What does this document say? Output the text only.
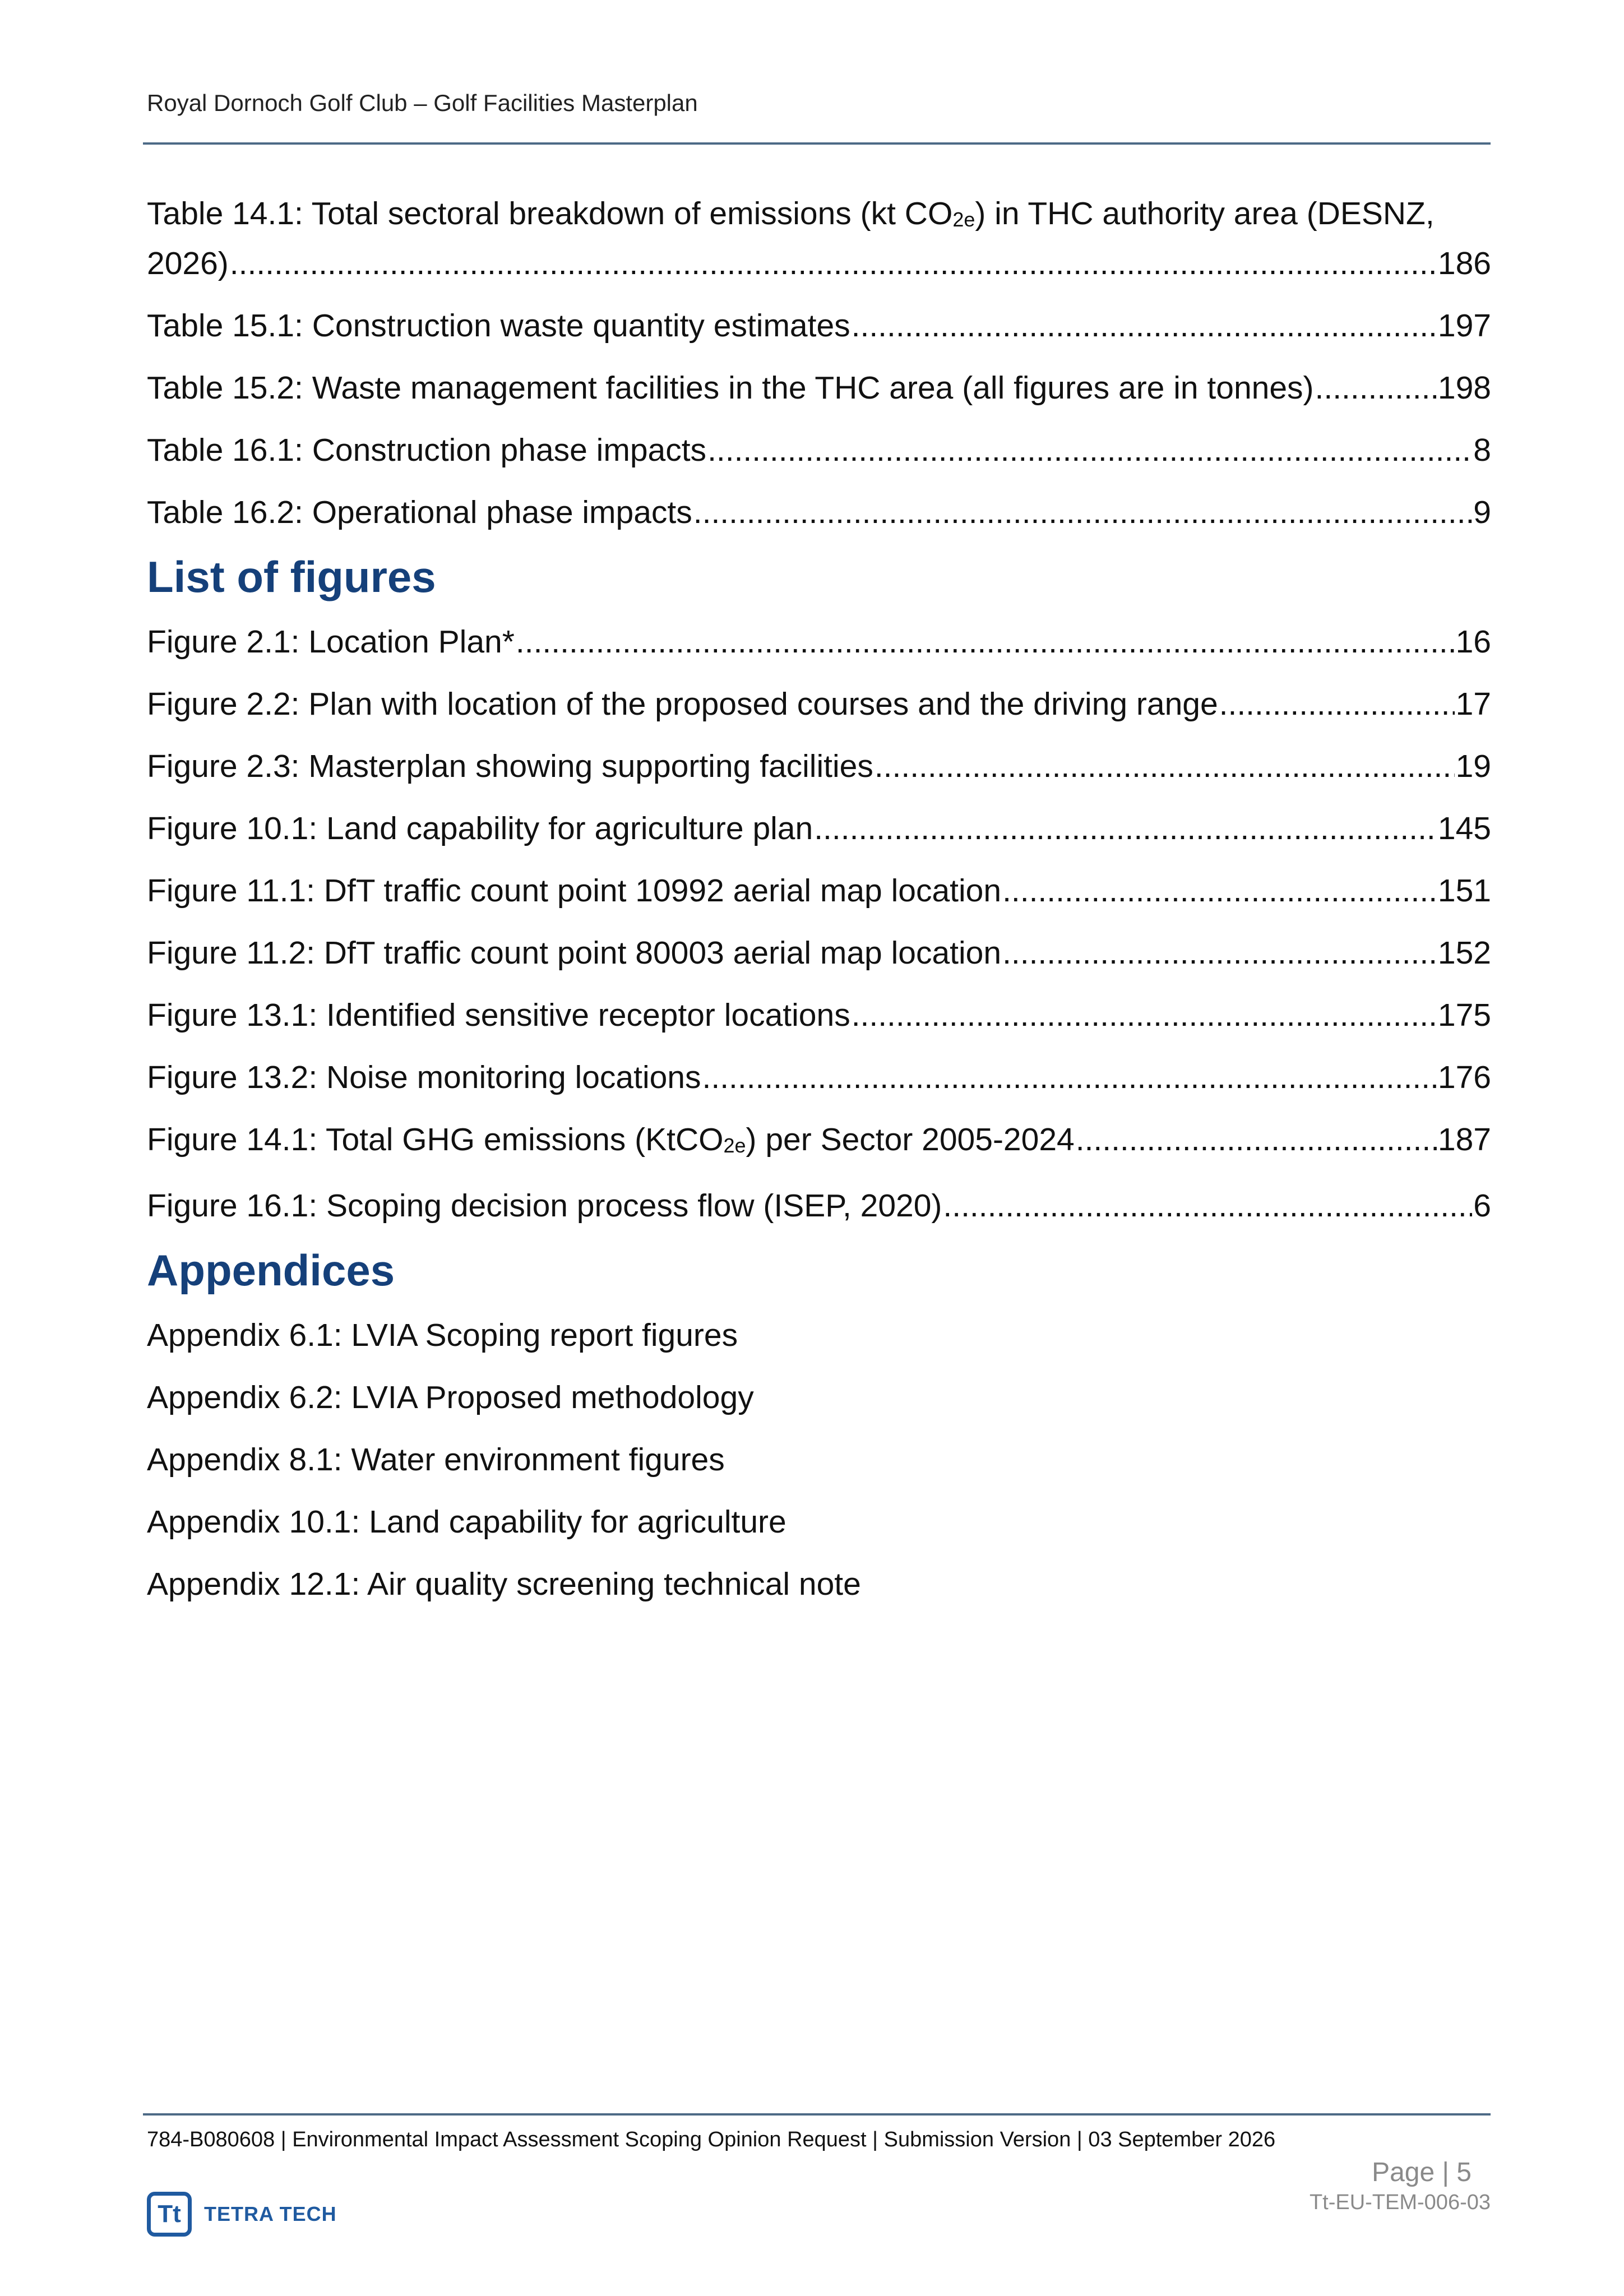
Royal Dornoch Golf Club – Golf Facilities Masterplan
Table 14.1: Total sectoral breakdown of emissions (kt $CO_{2e}$) in THC authority area (DESNZ,
2026) .....	186
Table 15.1: Construction waste quantity estimates .....	197
Table 15.2: Waste management facilities in the THC area (all figures are in tonnes) .....	198
Table 16.1: Construction phase impacts .....	8
Table 16.2: Operational phase impacts .....	9
List of figures
Figure 2.1: Location Plan* .....	16
Figure 2.2: Plan with location of the proposed courses and the driving range .....	17
Figure 2.3: Masterplan showing supporting facilities .....	19
Figure 10.1: Land capability for agriculture plan .....	145
Figure 11.1: DfT traffic count point 10992 aerial map location .....	151
Figure 11.2: DfT traffic count point 80003 aerial map location .....	152
Figure 13.1: Identified sensitive receptor locations .....	175
Figure 13.2: Noise monitoring locations .....	176
Figure 14.1: Total GHG emissions (KtCO$_{2e}$) per Sector 2005-2024 .....	187
Figure 16.1: Scoping decision process flow (ISEP, 2020) .....	6
Appendices
Appendix 6.1: LVIA Scoping report figures
Appendix 6.2: LVIA Proposed methodology
Appendix 8.1: Water environment figures
Appendix 10.1: Land capability for agriculture
Appendix 12.1: Air quality screening technical note
784-B080608 | Environmental Impact Assessment Scoping Opinion Request | Submission Version | 03 September 2026
Page | 5
Tt-EU-TEM-006-03
Tt	TETRA TECH
